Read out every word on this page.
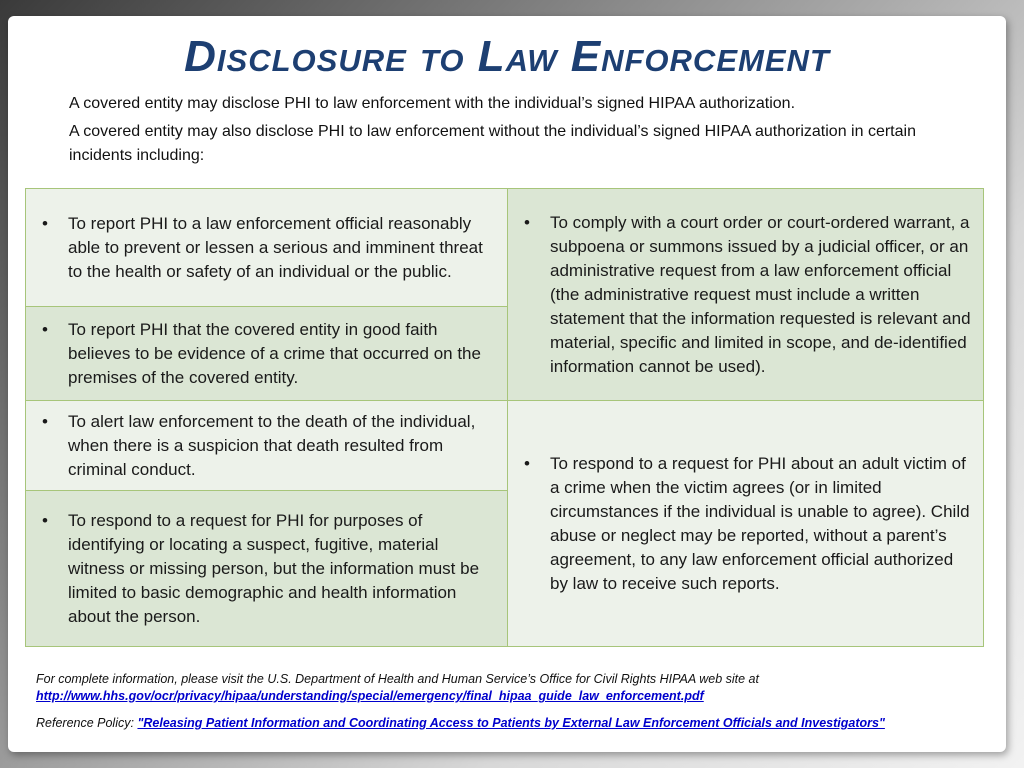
Disclosure to Law Enforcement

A covered entity may disclose PHI to law enforcement with the individual’s signed HIPAA authorization.

A covered entity may also disclose PHI to law enforcement without the individual’s signed HIPAA authorization in certain incidents including:

• To report PHI to a law enforcement official reasonably able to prevent or lessen a serious and imminent threat to the health or safety of an individual or the public.	• To comply with a court order or court-ordered warrant, a subpoena or summons issued by a judicial officer, or an administrative request from a law enforcement official (the administrative request must include a written statement that the information requested is relevant and material, specific and limited in scope, and de-identified information cannot be used).

• To report PHI that the covered entity in good faith believes to be evidence of a crime that occurred on the premises of the covered entity.	

• To alert law enforcement to the death of the individual, when there is a suspicion that death resulted from criminal conduct.	• To respond to a request for PHI about an adult victim of a crime when the victim agrees (or in limited circumstances if the individual is unable to agree). Child abuse or neglect may be reported, without a parent’s agreement, to any law enforcement official authorized by law to receive such reports.

• To respond to a request for PHI for purposes of identifying or locating a suspect, fugitive, material witness or missing person, but the information must be limited to basic demographic and health information about the person.	

For complete information, please visit the U.S. Department of Health and Human Service’s Office for Civil Rights HIPAA web site at
http://www.hhs.gov/ocr/privacy/hipaa/understanding/special/emergency/final_hipaa_guide_law_enforcement.pdf

Reference Policy: "Releasing Patient Information and Coordinating Access to Patients by External Law Enforcement Officials and Investigators"
